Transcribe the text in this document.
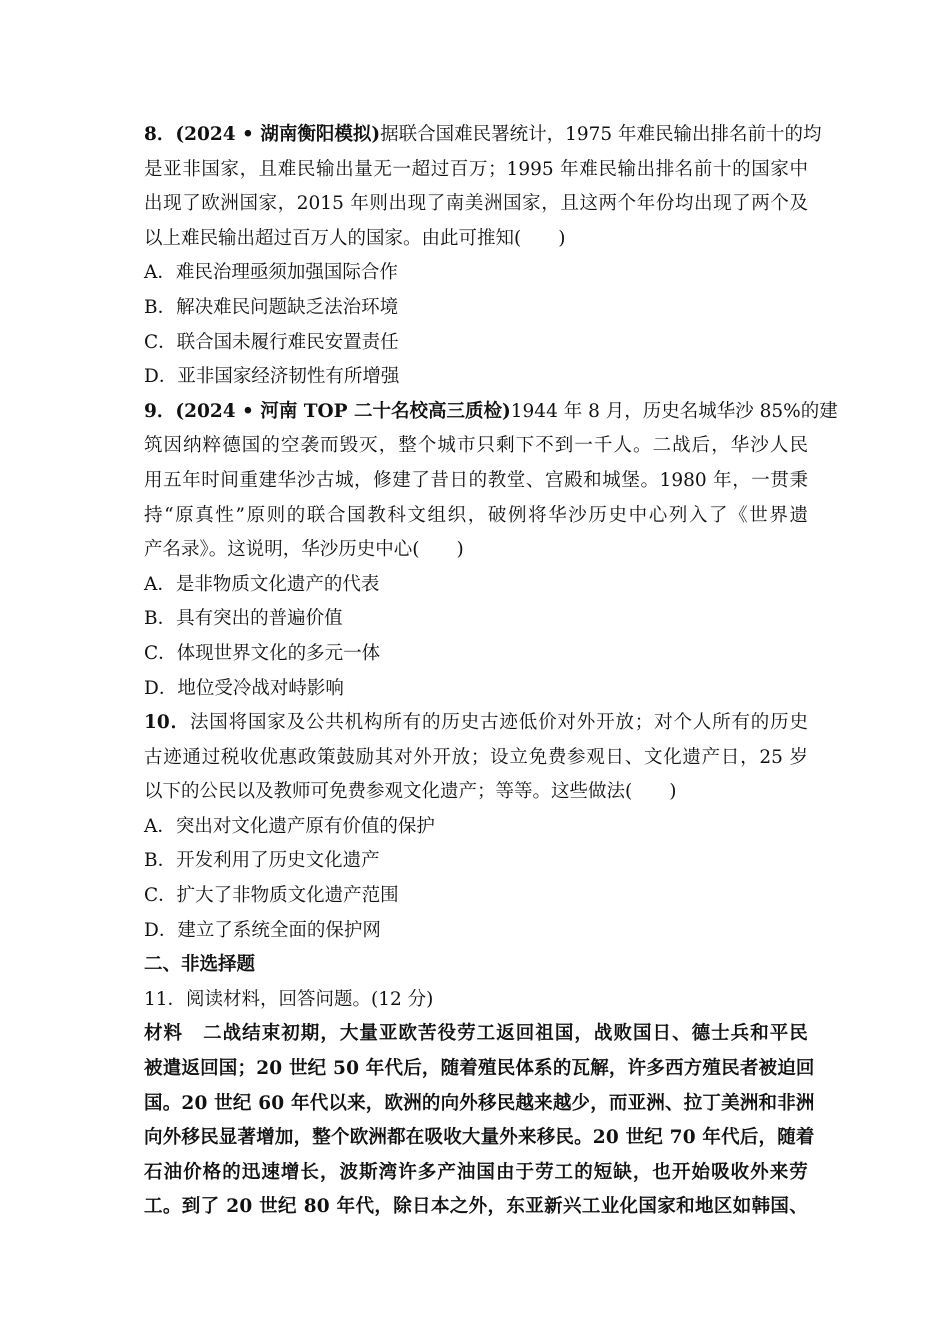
8．(2024 • 湖南衡阳模拟)据联合国难民署统计，1975 年难民输出排名前十的均
是亚非国家，且难民输出量无一超过百万；1995 年难民输出排名前十的国家中
出现了欧洲国家，2015 年则出现了南美洲国家，且这两个年份均出现了两个及
以上难民输出超过百万人的国家。由此可推知(　　)
A．难民治理亟须加强国际合作
B．解决难民问题缺乏法治环境
C．联合国未履行难民安置责任
D．亚非国家经济韧性有所增强
9．(2024 • 河南 TOP 二十名校高三质检)1944 年 8 月，历史名城华沙 85%的建
筑因纳粹德国的空袭而毁灭，整个城市只剩下不到一千人。二战后，华沙人民
用五年时间重建华沙古城，修建了昔日的教堂、宫殿和城堡。1980 年，一贯秉
持“原真性”原则的联合国教科文组织，破例将华沙历史中心列入了《世界遗
产名录》。这说明，华沙历史中心(　　)
A．是非物质文化遗产的代表
B．具有突出的普遍价值
C．体现世界文化的多元一体
D．地位受冷战对峙影响
10．法国将国家及公共机构所有的历史古迹低价对外开放；对个人所有的历史
古迹通过税收优惠政策鼓励其对外开放；设立免费参观日、文化遗产日，25 岁
以下的公民以及教师可免费参观文化遗产；等等。这些做法(　　)
A．突出对文化遗产原有价值的保护
B．开发利用了历史文化遗产
C．扩大了非物质文化遗产范围
D．建立了系统全面的保护网
二、非选择题
11．阅读材料，回答问题。(12 分)
材料 二战结束初期，大量亚欧苦役劳工返回祖国，战败国日、德士兵和平民
被遣返回国；20 世纪 50 年代后，随着殖民体系的瓦解，许多西方殖民者被迫回
国。20 世纪 60 年代以来，欧洲的向外移民越来越少，而亚洲、拉丁美洲和非洲
向外移民显著增加，整个欧洲都在吸收大量外来移民。20 世纪 70 年代后，随着
石油价格的迅速增长，波斯湾许多产油国由于劳工的短缺，也开始吸收外来劳
工。到了 20 世纪 80 年代，除日本之外，东亚新兴工业化国家和地区如韩国、
